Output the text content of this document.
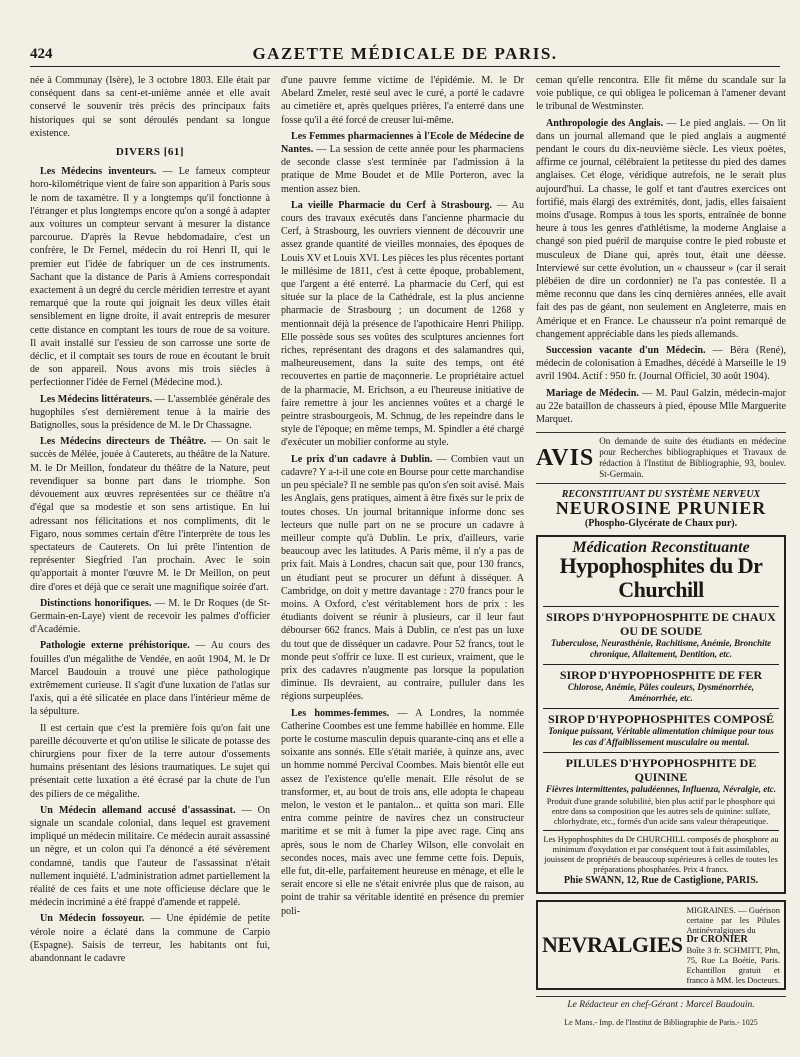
424	GAZETTE MÉDICALE DE PARIS.

née à Communay (Isère), le 3 octobre 1803. Elle était par conséquent dans sa cent-et-unième année et elle avait conservé le souvenir très précis des principaux faits historiques qui se sont déroulés pendant sa longue existence.

DIVERS [61]

Les Médecins inventeurs. — Le fameux compteur horo-kilométrique vient de faire son apparition à Paris sous le nom de taxamètre. Il y a longtemps qu'il fonctionne à l'étranger et plus longtemps encore qu'on a songé à adapter aux voitures un compteur servant à mesurer la distance parcourue. D'après la Revue hebdomadaire, c'est un confrère, le Dr Fernel, médecin du roi Henri II, qui le premier eut l'idée de fabriquer un de ces instruments. Sachant que la distance de Paris à Amiens correspondait exactement à un degré du cercle méridien terrestre et ayant remarqué que la route qui joignait les deux villes était sensiblement en ligne droite, il avait entrepris de mesurer cette distance en comptant les tours de roue de sa voiture. Il avait installé sur l'essieu de son carrosse une sorte de déclic, et il comptait ses tours de roue en écoutant le bruit de son appareil. Nous avons mis trois siècles à perfectionner l'idée de Fernel (Médecine mod.).

Les Médecins littérateurs. — L'assemblée générale des hugophiles s'est dernièrement tenue à la mairie des Batignolles, sous la présidence de M. le Dr Chassagne.

Les Médecins directeurs de Théâtre. — On sait le succès de Mélée, jouée à Cauterets, au théâtre de la Nature. M. le Dr Meillon, fondateur du théâtre de la Nature, peut revendiquer sa bonne part dans le triomphe. Son dévouement aux œuvres représentées sur ce théâtre n'a d'égal que sa modestie et son sens artistique. En lui adressant nos félicitations et nos compliments, dit le Figaro, nous sommes certain d'être l'interprète de tous les spectateurs de Cauterets. On lui prête l'intention de représenter Siegfried l'an prochain. Avec le soin qu'apportait à monter l'œuvre M. le Dr Meillon, on peut dire d'ores et déjà que ce serait une magnifique soirée d'art.

Distinctions honorifiques. — M. le Dr Roques (de St-Germain-en-Laye) vient de recevoir les palmes d'officier d'Académie.

Pathologie externe préhistorique. — Au cours des fouilles d'un mégalithe de Vendée, en août 1904, M. le Dr Marcel Baudouin a trouvé une pièce pathologique extrêmement curieuse. Il s'agit d'une luxation de l'atlas sur l'axis, qui a été silicatée en place dans l'intérieur même de la sépulture.

Il est certain que c'est la première fois qu'on fait une pareille découverte et qu'on utilise le silicate de potasse des chirurgiens pour fixer de la terre autour d'ossements humains présentant des lésions traumatiques. Le sujet qui présentait cette luxation a été écrasé par la chute de l'un des piliers de ce mégalithe.

Un Médecin allemand accusé d'assassinat. — On signale un scandale colonial, dans lequel est gravement impliqué un médecin militaire. Ce médecin aurait assassiné un nègre, et un colon qui l'a dénoncé a été sévèrement condamné, tandis que l'auteur de l'assassinat n'était nullement inquiété. L'administration admet partiellement la réalité de ces faits et une note officieuse déclare que le médecin incriminé a été frappé d'amende et rappelé.

Un Médecin fossoyeur. — Une épidémie de petite vérole noire a éclaté dans la commune de Carpio (Espagne). Saisis de terreur, les habitants ont fui, abandonnant le cadavre

d'une pauvre femme victime de l'épidémie. M. le Dr Abelard Zmeler, resté seul avec le curé, a porté le cadavre au cimetière et, après quelques prières, l'a enterré dans une fosse qu'il a été forcé de creuser lui-même.

Les Femmes pharmaciennes à l'Ecole de Médecine de Nantes. — La session de cette année pour les pharmaciens de seconde classe s'est terminée par l'admission à la pratique de Mme Boudet et de Mlle Porteron, avec la mention assez bien.

La vieille Pharmacie du Cerf à Strasbourg. — Au cours des travaux exécutés dans l'ancienne pharmacie du Cerf, à Strasbourg, les ouvriers viennent de découvrir une assez grande quantité de vieilles monnaies, des époques de Louis XV et Louis XVI. Les pièces les plus récentes portant le millésime de 1811, c'est à cette époque, probablement, que l'argent a été enterré. La pharmacie du Cerf, qui est située sur la place de la Cathédrale, est la plus ancienne pharmacie de Strasbourg ; un document de 1268 y mentionnait déjà la présence de l'apothicaire Henri Philipp. Elle possède sous ses voûtes des sculptures anciennes fort riches, représentant des dragons et des salamandres qui, malheureusement, dans la suite des temps, ont été recouvertes en partie de maçonnerie. Le propriétaire actuel de la pharmacie, M. Erichson, a eu l'heureuse initiative de faire remettre à jour les anciennes voûtes et a chargé le peintre strasbourgeois, M. Schnug, de les repeindre dans le style de l'époque; en même temps, M. Spindler a été chargé d'exécuter un mobilier conforme au style.

Le prix d'un cadavre à Dublin. — Combien vaut un cadavre? Y a-t-il une cote en Bourse pour cette marchandise un peu spéciale? Il ne semble pas qu'on s'en soit avisé. Mais les Anglais, gens pratiques, aiment à être fixés sur le prix de toutes choses. Un journal britannique informe donc ses lecteurs que nulle part on ne se procure un cadavre à meilleur compte qu'à Dublin. Le prix, d'ailleurs, varie beaucoup avec les latitudes. A Paris même, il n'y a pas de prix fait. Mais à Londres, chacun sait que, pour 130 francs, un étudiant peut se procurer un défunt à disséquer. A Cambridge, on doit y mettre davantage : 270 francs pour le moins. A Oxford, c'est véritablement hors de prix : les étudiants doivent se réunir à plusieurs, car il leur faut débourser 662 francs. Mais à Dublin, ce n'est pas un luxe du tout que de disséquer un cadavre. Pour 52 francs, tout le monde peut s'offrir ce luxe. Il est curieux, vraiment, que le prix des cadavres n'augmente pas lorsque la population diminue. Ils devraient, au contraire, pulluler dans les régions surpeuplées.

Les hommes-femmes. — A Londres, la nommée Catherine Coombes est une femme habillée en homme. Elle porte le costume masculin depuis quarante-cinq ans et elle a soixante ans sonnés. Elle s'était mariée, à quinze ans, avec un homme nommé Percival Coombes. Mais bientôt elle eut assez de l'existence qu'elle menait. Elle résolut de se transformer, et, au bout de trois ans, elle adopta le chapeau melon, le veston et le pantalon... et quitta son mari. Elle entra comme peintre de navires chez un constructeur maritime et se mit à fumer la pipe avec rage. Cinq ans après, sous le nom de Charley Wilson, elle convolait en secondes noces, mais avec une femme cette fois. Depuis, elle fut, dit-elle, parfaitement heureuse en ménage, et elle le serait encore si elle ne s'était enivrée plus que de raison, au point de trahir sa véritable identité en présence du premier poli-

ceman qu'elle rencontra. Elle fit même du scandale sur la voie publique, ce qui obligea le policeman à l'amener devant le tribunal de Westminster.

Anthropologie des Anglais. — Le pied anglais. — On lit dans un journal allemand que le pied anglais a augmenté pendant le cours du dix-neuvième siècle. Les vieux poètes, affirme ce journal, célébraient la petitesse du pied des dames anglaises. Cet éloge, véridique autrefois, ne le serait plus aujourd'hui. La chasse, le golf et tant d'autres exercices ont fortifié, mais élargi des extrémités, dont, jadis, elles faisaient moins d'usage. Rompus à tous les sports, entraînée de bonne heure à tous les genres d'athlétisme, la moderne Anglaise a changé son pied puéril de marquise contre le pied robuste et musculeux de Diane qui, après tout, était une déesse. Interviewé sur cette évolution, un « chausseur » (car il serait plébéien de dire un cordonnier) ne l'a pas contestée. Il a même reconnu que dans les cinq dernières années, elle avait fait des pas de géant, non seulement en Angleterre, mais en Amérique et en France. Le chausseur n'a point remarqué de changement appréciable dans les pieds allemands.

Succession vacante d'un Médecin. — Béra (René), médecin de colonisation à Emadhes, décédé à Marseille le 19 avril 1904. Actif : 950 fr. (Journal Officiel, 30 août 1904).

Mariage de Médecin. — M. Paul Galzin, médecin-major au 22e bataillon de chasseurs à pied, épouse Mlle Marguerite Marquet.

AVIS
On demande de suite des étudiants en médecine pour Recherches bibliographiques et Travaux de rédaction à l'Institut de Bibliographie, 93, boulev. St-Germain.
RECONSTITUANT DU SYSTÈME NERVEUX
NEUROSINE PRUNIER
(Phospho-Glycérate de Chaux pur).
Médication Reconstituante
Hypophosphites du Dr Churchill
SIROPS D'HYPOPHOSPHITE DE CHAUX OU DE SOUDE
Tuberculose, Neurasthénie, Rachitisme, Anémie, Bronchite chronique, Allaitement, Dentition, etc.
SIROP D'HYPOPHOSPHITE DE FER
Chlorose, Anémie, Pâles couleurs, Dysménorrhée, Aménorrhée, etc.
SIROP D'HYPOPHOSPHITES COMPOSÉ
Tonique puissant, Véritable alimentation chimique pour tous les cas d'Affaiblissement musculaire ou mental.
PILULES D'HYPOPHOSPHITE DE QUININE
Fièvres intermittentes, paludéennes, Influenza, Névralgie, etc.
Produit d'une grande solubilité, bien plus actif par le phosphore qui entre dans sa composition que les autres sels de quinine: sulfate, chlorhydrate, etc., formés d'un acide sans valeur thérapeutique.
Les Hypophosphites du Dr CHURCHILL composés de phosphore au minimum d'oxydation et par conséquent tout à fait assimilables, jouissent de propriétés de beaucoup supérieures à celles de toutes les préparations phosphatées. Prix 4 francs.
Phie SWANN, 12, Rue de Castiglione, PARIS.
NEVRALGIES
MIGRAINES. — Guérison certaine par les Pilules Antinévralgiques du
Dr CRONIER
Boîte 3 fr. SCHMITT, Phn, 75, Rue La Boétie, Paris. Echantillon gratuit et franco à MM. les Docteurs.
Le Rédacteur en chef-Gérant : Marcel Baudouin.
Le Mans.- Imp. de l'Institut de Bibliographie de Paris.- 1025
